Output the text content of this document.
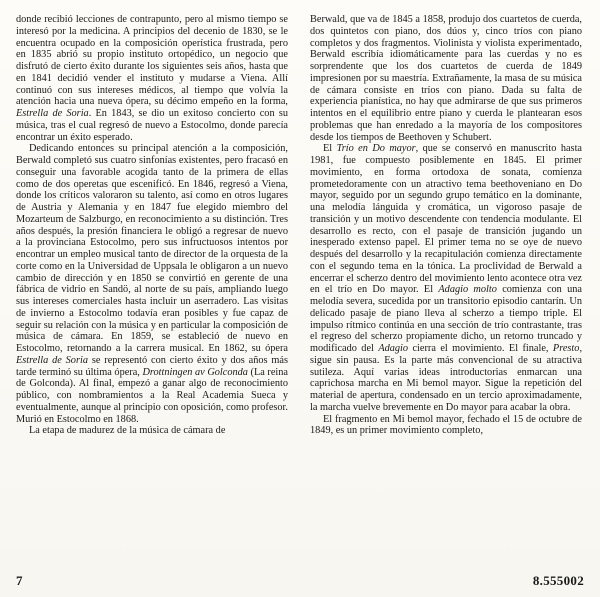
donde recibió lecciones de contrapunto, pero al mismo tiempo se interesó por la medicina. A principios del decenio de 1830, se le encuentra ocupado en la composición operística frustrada, pero en 1835 abrió su propio instituto ortopédico, un negocio que disfrutó de cierto éxito durante los siguientes seis años, hasta que en 1841 decidió vender el instituto y mudarse a Viena. Allí continuó con sus intereses médicos, al tiempo que volvía la atención hacia una nueva ópera, su décimo empeño en la forma, Estrella de Soria. En 1843, se dio un exitoso concierto con su música, tras el cual regresó de nuevo a Estocolmo, donde parecía encontrar un éxito esperado.

Dedicando entonces su principal atención a la composición, Berwald completó sus cuatro sinfonías existentes, pero fracasó en conseguir una favorable acogida tanto de la primera de ellas como de dos operetas que escenificó. En 1846, regresó a Viena, donde los críticos valoraron su talento, así como en otros lugares de Austria y Alemania y en 1847 fue elegido miembro del Mozarteum de Salzburgo, en reconocimiento a su distinción. Tres años después, la presión financiera le obligó a regresar de nuevo a la provinciana Estocolmo, pero sus infructuosos intentos por encontrar un empleo musical tanto de director de la orquesta de la corte como en la Universidad de Uppsala le obligaron a un nuevo cambio de dirección y en 1850 se convirtió en gerente de una fábrica de vidrio en Sandö, al norte de su país, ampliando luego sus intereses comerciales hasta incluir un aserradero. Las visitas de invierno a Estocolmo todavía eran posibles y fue capaz de seguir su relación con la música y en particular la composición de música de cámara. En 1859, se estableció de nuevo en Estocolmo, retornando a la carrera musical. En 1862, su ópera Estrella de Soria se representó con cierto éxito y dos años más tarde terminó su última ópera, Drottningen av Golconda (La reina de Golconda). Al final, empezó a ganar algo de reconocimiento público, con nombramientos a la Real Academia Sueca y eventualmente, aunque al principio con oposición, como profesor. Murió en Estocolmo en 1868.

La etapa de madurez de la música de cámara de

Berwald, que va de 1845 a 1858, produjo dos cuartetos de cuerda, dos quintetos con piano, dos dúos y, cinco tríos con piano completos y dos fragmentos. Violinista y violista experimentado, Berwald escribía idiomáticamente para las cuerdas y no es sorprendente que los dos cuartetos de cuerda de 1849 impresionen por su maestría. Extrañamente, la masa de su música de cámara consiste en tríos con piano. Dada su falta de experiencia pianística, no hay que admirarse de que sus primeros intentos en el equilibrio entre piano y cuerda le plantearan esos problemas que han enredado a la mayoría de los compositores desde los tiempos de Beethoven y Schubert.

El Trío en Do mayor, que se conservó en manuscrito hasta 1981, fue compuesto posiblemente en 1845. El primer movimiento, en forma ortodoxa de sonata, comienza prometedoramente con un atractivo tema beethoveniano en Do mayor, seguido por un segundo grupo temático en la dominante, una melodía lánguida y cromática, un vigoroso pasaje de transición y un motivo descendente con tendencia modulante. El desarrollo es recto, con el pasaje de transición jugando un inesperado extenso papel. El primer tema no se oye de nuevo después del desarrollo y la recapitulación comienza directamente con el segundo tema en la tónica. La proclividad de Berwald a encerrar el scherzo dentro del movimiento lento acontece otra vez en el trío en Do mayor. El Adagio molto comienza con una melodía severa, sucedida por un transitorio episodio cantarín. Un delicado pasaje de piano lleva al scherzo a tiempo triple. El impulso rítmico continúa en una sección de trío contrastante, tras el regreso del scherzo propiamente dicho, un retorno truncado y modificado del Adagio cierra el movimiento. El finale, Presto, sigue sin pausa. Es la parte más convencional de su atractiva sutileza. Aquí varias ideas introductorias enmarcan una caprichosa marcha en Mi bemol mayor. Sigue la repetición del material de apertura, condensado en un tercio aproximadamente, la marcha vuelve brevemente en Do mayor para acabar la obra.

El fragmento en Mi bemol mayor, fechado el 15 de octubre de 1849, es un primer movimiento completo,

7	8.555002
